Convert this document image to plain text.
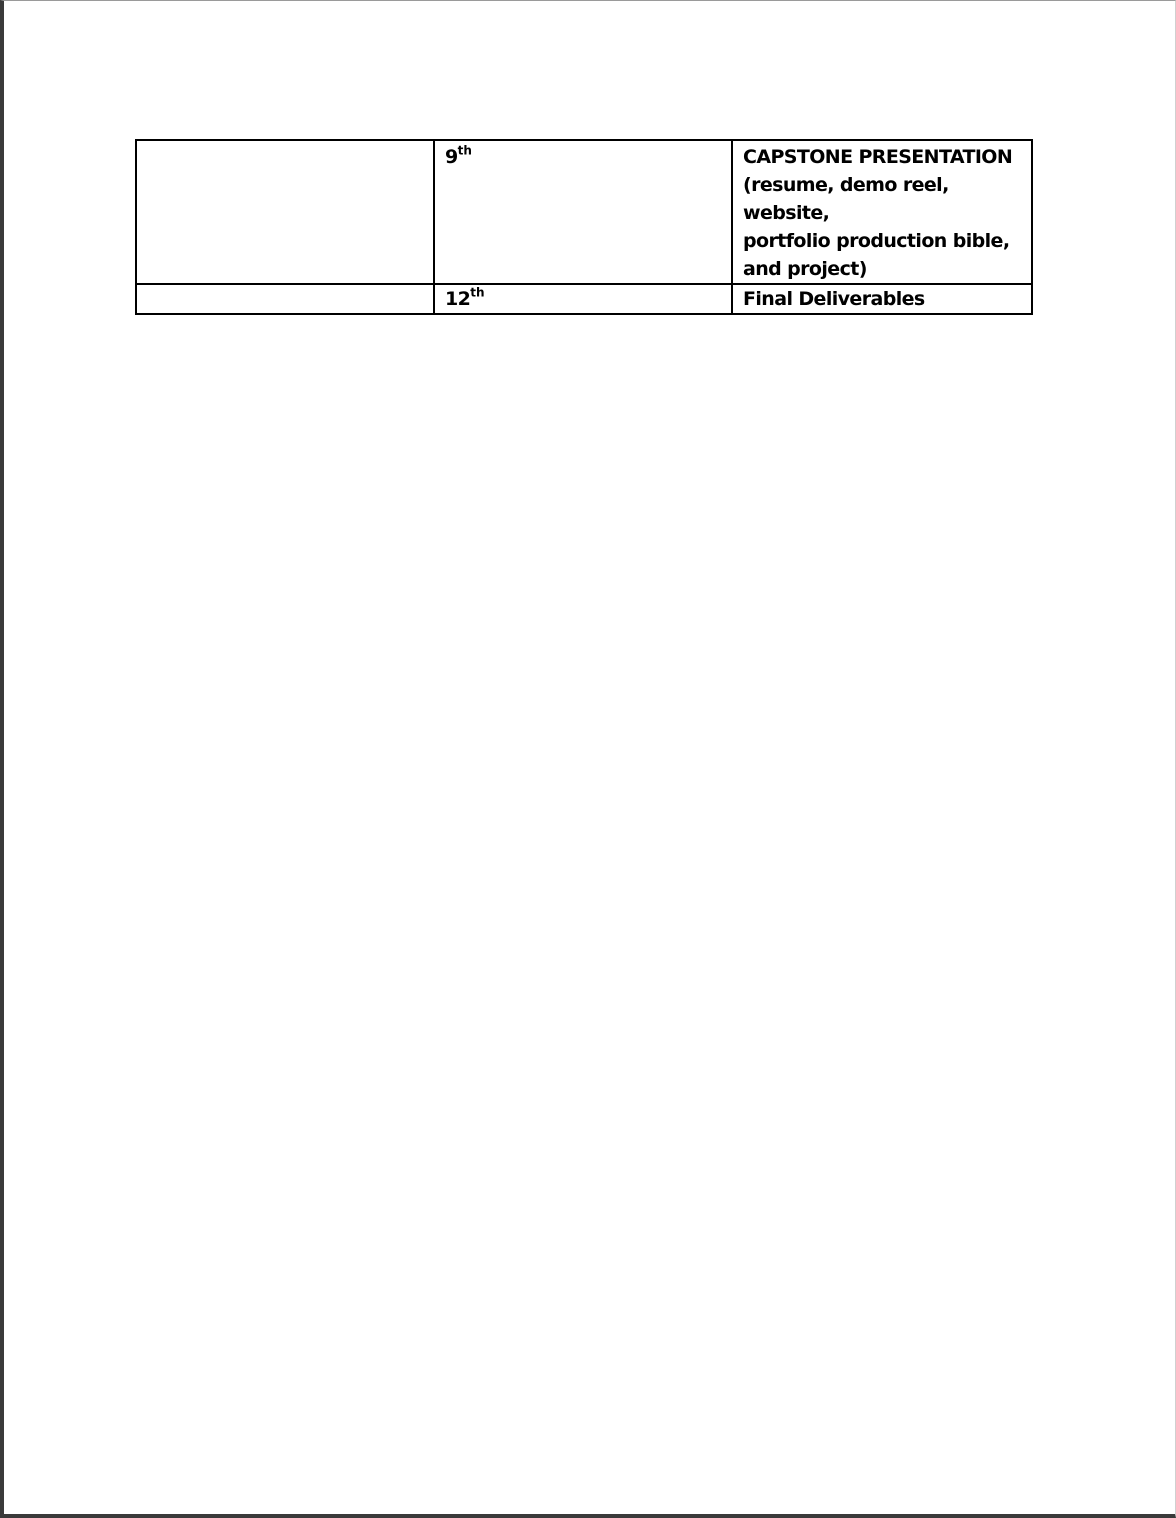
	9th	CAPSTONE PRESENTATION
(resume, demo reel, website,
portfolio production bible,
and project)

	12th	Final Deliverables
